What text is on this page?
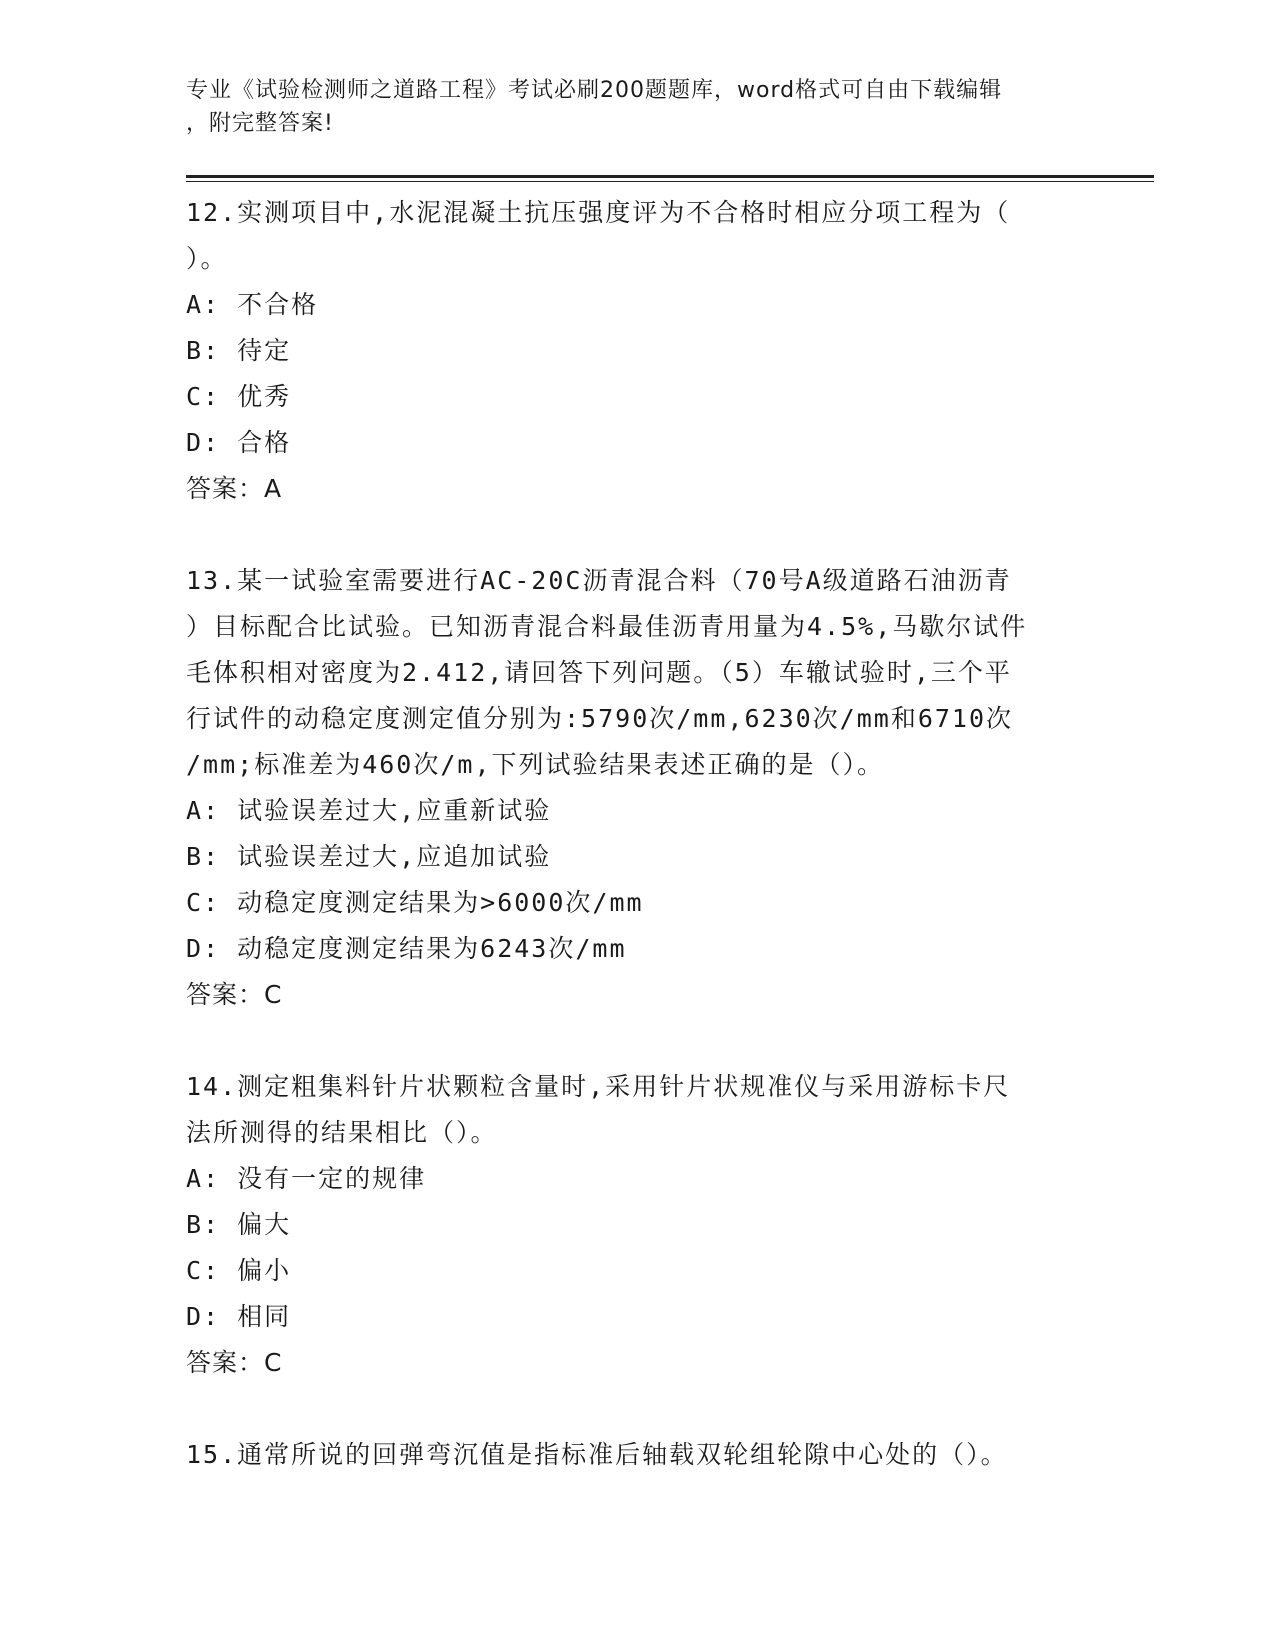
专业《试验检测师之道路工程》考试必刷200题题库，word格式可自由下载编辑
，附完整答案!

12.实测项目中,水泥混凝土抗压强度评为不合格时相应分项工程为（

）。

A: 不合格

B: 待定

C: 优秀

D: 合格

答案：A

13.某一试验室需要进行AC-20C沥青混合料（70号A级道路石油沥青

）目标配合比试验。已知沥青混合料最佳沥青用量为4.5%,马歇尔试件

毛体积相对密度为2.412,请回答下列问题。（5）车辙试验时,三个平

行试件的动稳定度测定值分别为:5790次/mm,6230次/mm和6710次

/mm;标准差为460次/m,下列试验结果表述正确的是（）。

A: 试验误差过大,应重新试验

B: 试验误差过大,应追加试验

C: 动稳定度测定结果为>6000次/mm

D: 动稳定度测定结果为6243次/mm

答案：C

14.测定粗集料针片状颗粒含量时,采用针片状规准仪与采用游标卡尺

法所测得的结果相比（）。

A: 没有一定的规律

B: 偏大

C: 偏小

D: 相同

答案：C

15.通常所说的回弹弯沉值是指标准后轴载双轮组轮隙中心处的（）。
